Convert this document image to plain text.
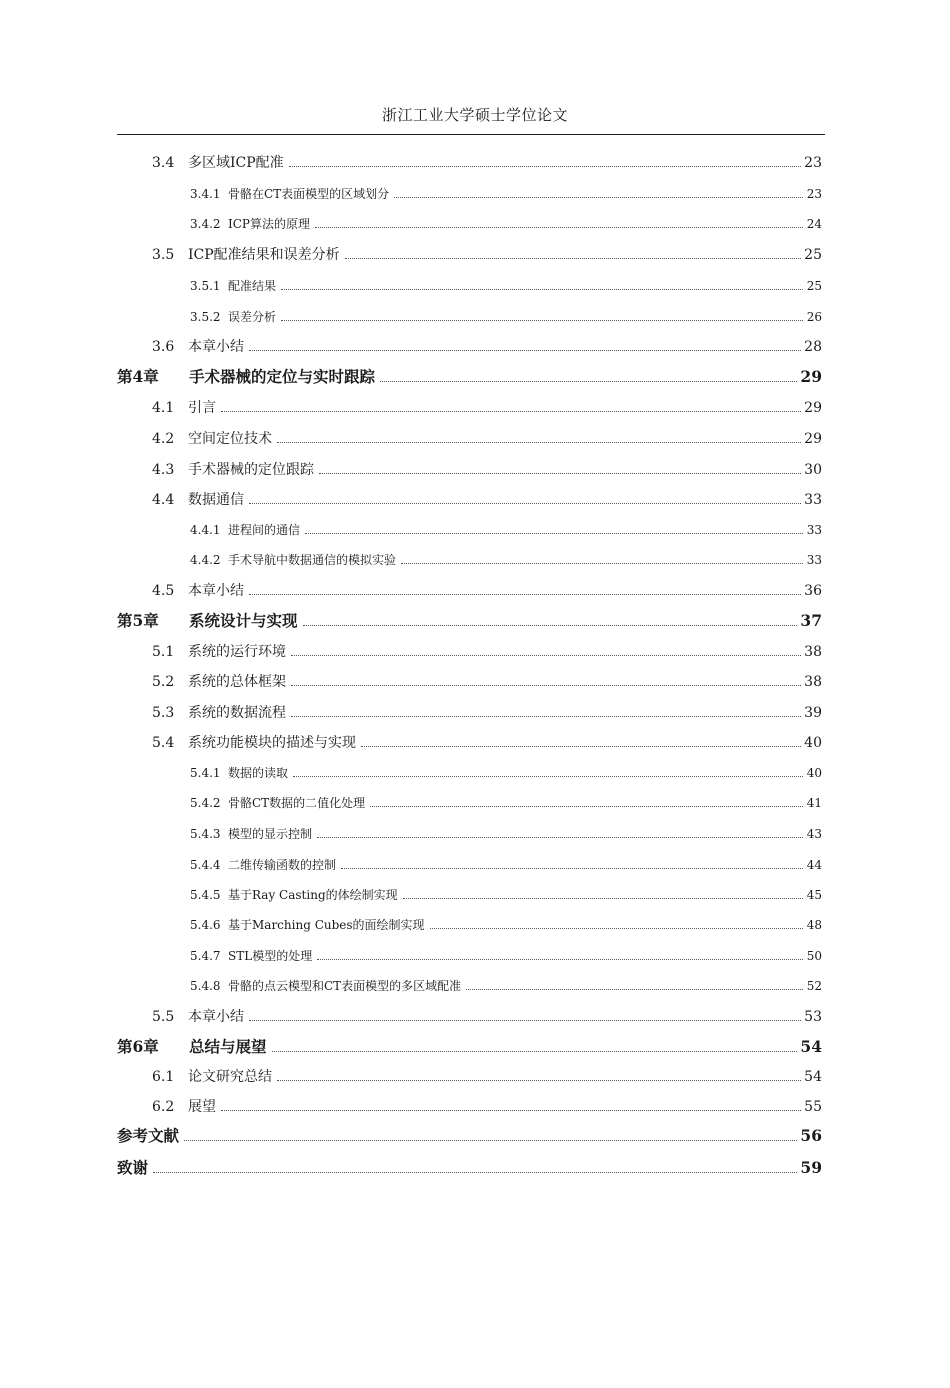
浙江工业大学硕士学位论文
3.4 多区域ICP配准	23
3.4.1 骨骼在CT表面模型的区域划分	23
3.4.2 ICP算法的原理	24
3.5 ICP配准结果和误差分析	25
3.5.1 配准结果	25
3.5.2 误差分析	26
3.6 本章小结	28
第4章	手术器械的定位与实时跟踪	29
4.1 引言	29
4.2 空间定位技术	29
4.3 手术器械的定位跟踪	30
4.4 数据通信	33
4.4.1 进程间的通信	33
4.4.2 手术导航中数据通信的模拟实验	33
4.5 本章小结	36
第5章	系统设计与实现	37
5.1 系统的运行环境	38
5.2 系统的总体框架	38
5.3 系统的数据流程	39
5.4 系统功能模块的描述与实现	40
5.4.1 数据的读取	40
5.4.2 骨骼CT数据的二值化处理	41
5.4.3 模型的显示控制	43
5.4.4 二维传输函数的控制	44
5.4.5 基于Ray Casting的体绘制实现	45
5.4.6 基于Marching Cubes的面绘制实现	48
5.4.7 STL模型的处理	50
5.4.8 骨骼的点云模型和CT表面模型的多区域配准	52
5.5 本章小结	53
第6章	总结与展望	54
6.1 论文研究总结	54
6.2 展望	55
参考文献	56
致谢	59
